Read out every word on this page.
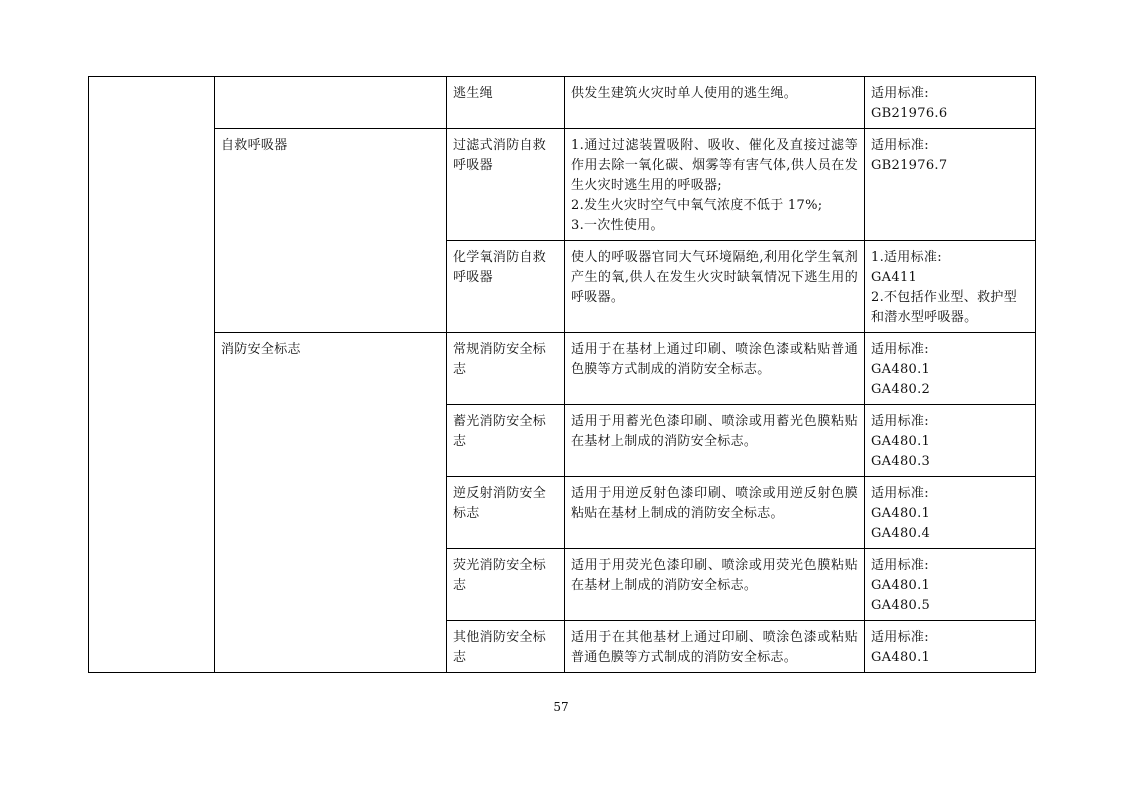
		逃生绳	供发生建筑火灾时单人使用的逃生绳。	适用标准:
GB21976.6
	自救呼吸器	过滤式消防自救呼吸器	1.通过过滤装置吸附、吸收、催化及直接过滤等作用去除一氧化碳、烟雾等有害气体,供人员在发生火灾时逃生用的呼吸器;
2.发生火灾时空气中氧气浓度不低于 17%;
3.一次性使用。	适用标准:
GB21976.7
		化学氧消防自救呼吸器	使人的呼吸器官同大气环境隔绝,利用化学生氧剂产生的氧,供人在发生火灾时缺氧情况下逃生用的呼吸器。	1.适用标准:
GA411
2.不包括作业型、救护型和潜水型呼吸器。
	消防安全标志	常规消防安全标志	适用于在基材上通过印刷、喷涂色漆或粘贴普通色膜等方式制成的消防安全标志。	适用标准:
GA480.1
GA480.2
		蓄光消防安全标志	适用于用蓄光色漆印刷、喷涂或用蓄光色膜粘贴在基材上制成的消防安全标志。	适用标准:
GA480.1
GA480.3
		逆反射消防安全标志	适用于用逆反射色漆印刷、喷涂或用逆反射色膜粘贴在基材上制成的消防安全标志。	适用标准:
GA480.1
GA480.4
		荧光消防安全标志	适用于用荧光色漆印刷、喷涂或用荧光色膜粘贴在基材上制成的消防安全标志。	适用标准:
GA480.1
GA480.5
		其他消防安全标志	适用于在其他基材上通过印刷、喷涂色漆或粘贴普通色膜等方式制成的消防安全标志。	适用标准:
GA480.1
57
